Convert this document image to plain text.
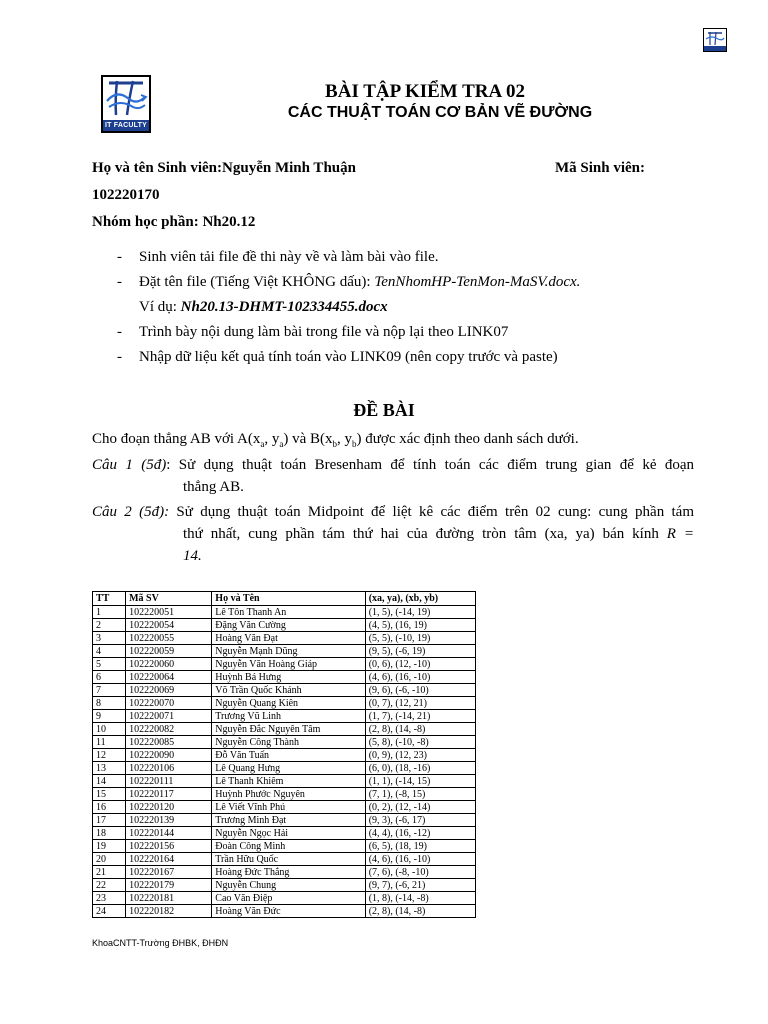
IT FACULTY
BÀI TẬP KIỂM TRA 02
CÁC THUẬT TOÁN CƠ BẢN VẼ ĐƯỜNG
Họ và tên Sinh viên:Nguyễn Minh Thuận	Mã Sinh viên:
102220170
Nhóm học phần: Nh20.12
- Sinh viên tải file đề thi này về và làm bài vào file.
- Đặt tên file (Tiếng Việt KHÔNG dấu): TenNhomHP-TenMon-MaSV.docx.
Ví dụ: Nh20.13-DHMT-102334455.docx
- Trình bày nội dung làm bài trong file và nộp lại theo LINK07
- Nhập dữ liệu kết quả tính toán vào LINK09 (nên copy trước và paste)
ĐỀ BÀI
Cho đoạn thẳng AB với $A(x_a$, $y_a$) và $B(x_b$, $y_b$) được xác định theo danh sách dưới.
Câu 1 (5đ): Sử dụng thuật toán Bresenham để tính toán các điểm trung gian để kẻ đoạn
thẳng AB.
Câu 2 (5đ): Sử dụng thuật toán Midpoint để liệt kê các điểm trên 02 cung: cung phần tám
thứ nhất, cung phần tám thứ hai của đường tròn tâm (xa, ya) bán kính R =
14.
TT	Mã SV	Họ và Tên	(xa, ya), (xb, yb)
1	102220051	Lê Tôn Thanh An	(1, 5), (-14, 19)
2	102220054	Đặng Văn Cường	(4, 5), (16, 19)
3	102220055	Hoàng Văn Đạt	(5, 5), (-10, 19)
4	102220059	Nguyễn Mạnh Dũng	(9, 5), (-6, 19)
5	102220060	Nguyễn Văn Hoàng Giáp	(0, 6), (12, -10)
6	102220064	Huỳnh Bá Hưng	(4, 6), (16, -10)
7	102220069	Võ Trần Quốc Khánh	(9, 6), (-6, -10)
8	102220070	Nguyễn Quang Kiên	(0, 7), (12, 21)
9	102220071	Trương Vũ Linh	(1, 7), (-14, 21)
10	102220082	Nguyễn Đắc Nguyên Tâm	(2, 8), (14, -8)
11	102220085	Nguyễn Công Thành	(5, 8), (-10, -8)
12	102220090	Đỗ Văn Tuấn	(0, 9), (12, 23)
13	102220106	Lê Quang Hưng	(6, 0), (18, -16)
14	102220111	Lê Thanh Khiêm	(1, 1), (-14, 15)
15	102220117	Huỳnh Phước Nguyên	(7, 1), (-8, 15)
16	102220120	Lê Viết Vĩnh Phú	(0, 2), (12, -14)
17	102220139	Trương Minh Đạt	(9, 3), (-6, 17)
18	102220144	Nguyễn Ngọc Hải	(4, 4), (16, -12)
19	102220156	Đoàn Công Minh	(6, 5), (18, 19)
20	102220164	Trần Hữu Quốc	(4, 6), (16, -10)
21	102220167	Hoàng Đức Thắng	(7, 6), (-8, -10)
22	102220179	Nguyễn Chung	(9, 7), (-6, 21)
23	102220181	Cao Văn Điệp	(1, 8), (-14, -8)
24	102220182	Hoàng Văn Đức	(2, 8), (14, -8)
KhoaCNTT-Trường ĐHBK, ĐHĐN
